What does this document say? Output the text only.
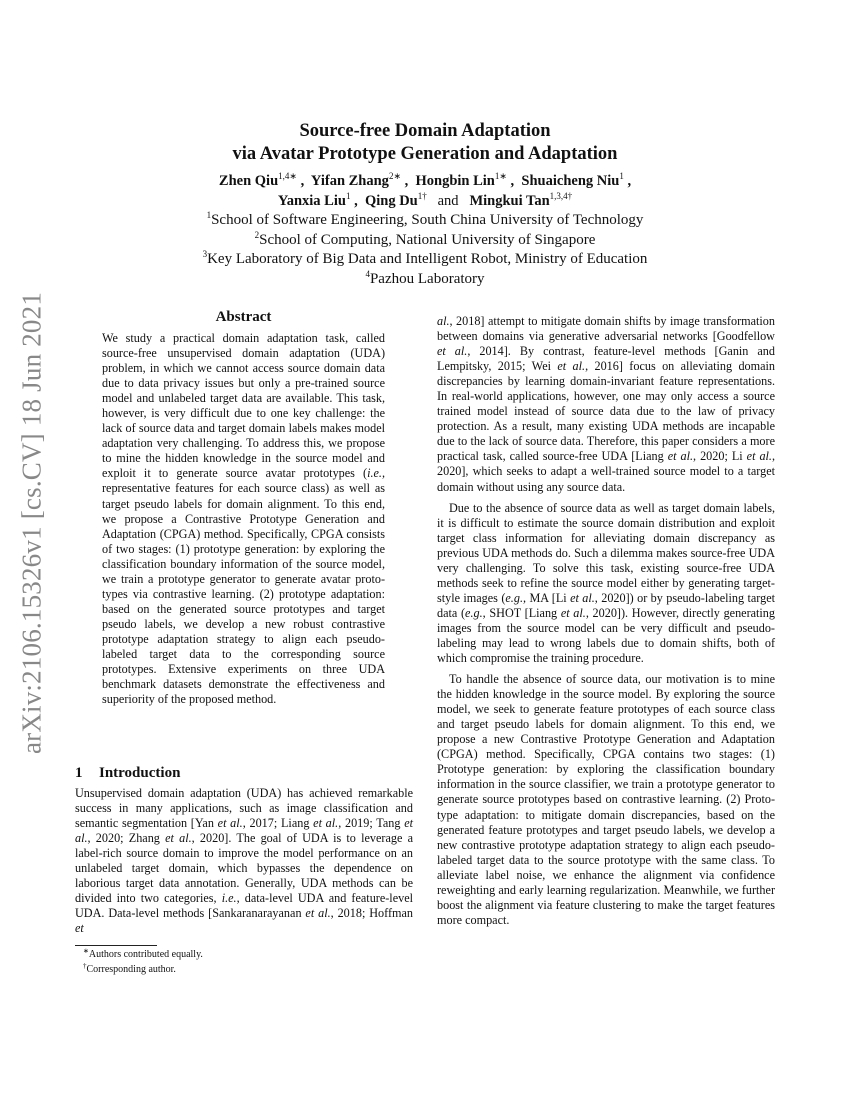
arXiv:2106.15326v1 [cs.CV] 18 Jun 2021
Source-free Domain Adaptation
via Avatar Prototype Generation and Adaptation
Zhen Qiu$^{1,4∗}$ ,  Yifan Zhang$^{2∗}$ ,  Hongbin Lin$^{1∗}$ ,  Shuaicheng Niu$^1$ ,
Yanxia Liu$^1$ ,  Qing $Du^{1\dagger}$ and Mingkui Tan$^{1,3,4\dagger}$
$^1$School of Software Engineering, South China University of Technology
$^2$School of Computing, National University of Singapore
$^3$Key Laboratory of Big Data and Intelligent Robot, Ministry of Education
$^4$Pazhou Laboratory
Abstract

We study a practical domain adaptation task, called source-free unsupervised domain adaptation (UDA) problem, in which we cannot access source domain data due to data privacy issues but only a pre-trained source model and unlabeled target data are available. This task, however, is very difficult due to one key challenge: the lack of source data and target domain labels makes model adaptation very challenging. To address this, we propose to mine the hidden knowledge in the source model and exploit it to generate source avatar prototypes (i.e., representative features for each source class) as well as target pseudo labels for domain alignment. To this end, we propose a Contrastive Prototype Generation and Adaptation (CPGA) method. Specifically, CPGA consists of two stages: (1) prototype generation: by exploring the classification boundary information of the source model, we train a prototype generator to generate avatar prototypes via contrastive learning. (2) prototype adaptation: based on the generated source prototypes and target pseudo labels, we develop a new robust contrastive prototype adaptation strategy to align each pseudo-labeled target data to the corresponding source prototypes. Extensive experiments on three UDA benchmark datasets demonstrate the effectiveness and superiority of the proposed method.

1 Introduction

Unsupervised domain adaptation (UDA) has achieved remarkable success in many applications, such as image classification and semantic segmentation [Yan et al., 2017; Liang et al., 2019; Tang et al., 2020; Zhang et al., 2020]. The goal of UDA is to leverage a label-rich source domain to improve the model performance on an unlabeled target domain, which bypasses the dependence on laborious target data annotation. Generally, UDA methods can be divided into two categories, i.e., data-level UDA and feature-level UDA. Data-level methods [Sankaranarayanan et al., 2018; Hoffman et

∗Authors contributed equally.
†Corresponding author.

al., 2018] attempt to mitigate domain shifts by image transformation between domains via generative adversarial networks [Goodfellow et al., 2014]. By contrast, feature-level methods [Ganin and Lempitsky, 2015; Wei et al., 2016] focus on alleviating domain discrepancies by learning domain-invariant feature representations. In real-world applications, however, one may only access a source trained model instead of source data due to the law of privacy protection. As a result, many existing UDA methods are incapable due to the lack of source data. Therefore, this paper considers a more practical task, called source-free UDA [Liang et al., 2020; Li et al., 2020], which seeks to adapt a well-trained source model to a target domain without using any source data.

Due to the absence of source data as well as target domain labels, it is difficult to estimate the source domain distribution and exploit target class information for alleviating domain discrepancy as previous UDA methods do. Such a dilemma makes source-free UDA very challenging. To solve this task, existing source-free UDA methods seek to refine the source model either by generating target-style images (e.g., MA [Li et al., 2020]) or by pseudo-labeling target data (e.g., SHOT [Liang et al., 2020]). However, directly generating images from the source model can be very difficult and pseudo-labeling may lead to wrong labels due to domain shifts, both of which compromise the training procedure.

To handle the absence of source data, our motivation is to mine the hidden knowledge in the source model. By exploring the source model, we seek to generate feature prototypes of each source class and target pseudo labels for domain alignment. To this end, we propose a new Contrastive Prototype Generation and Adaptation (CPGA) method. Specifically, CPGA contains two stages: (1) Prototype generation: by exploring the classification boundary information in the source classifier, we train a prototype generator to generate source prototypes based on contrastive learning. (2) Prototype adaptation: to mitigate domain discrepancies, based on the generated feature prototypes and target pseudo labels, we develop a new contrastive prototype adaptation strategy to align each pseudo-labeled target data to the source prototype with the same class. To alleviate label noise, we enhance the alignment via confidence reweighting and early learning regularization. Meanwhile, we further boost the alignment via feature clustering to make the target features more compact.
